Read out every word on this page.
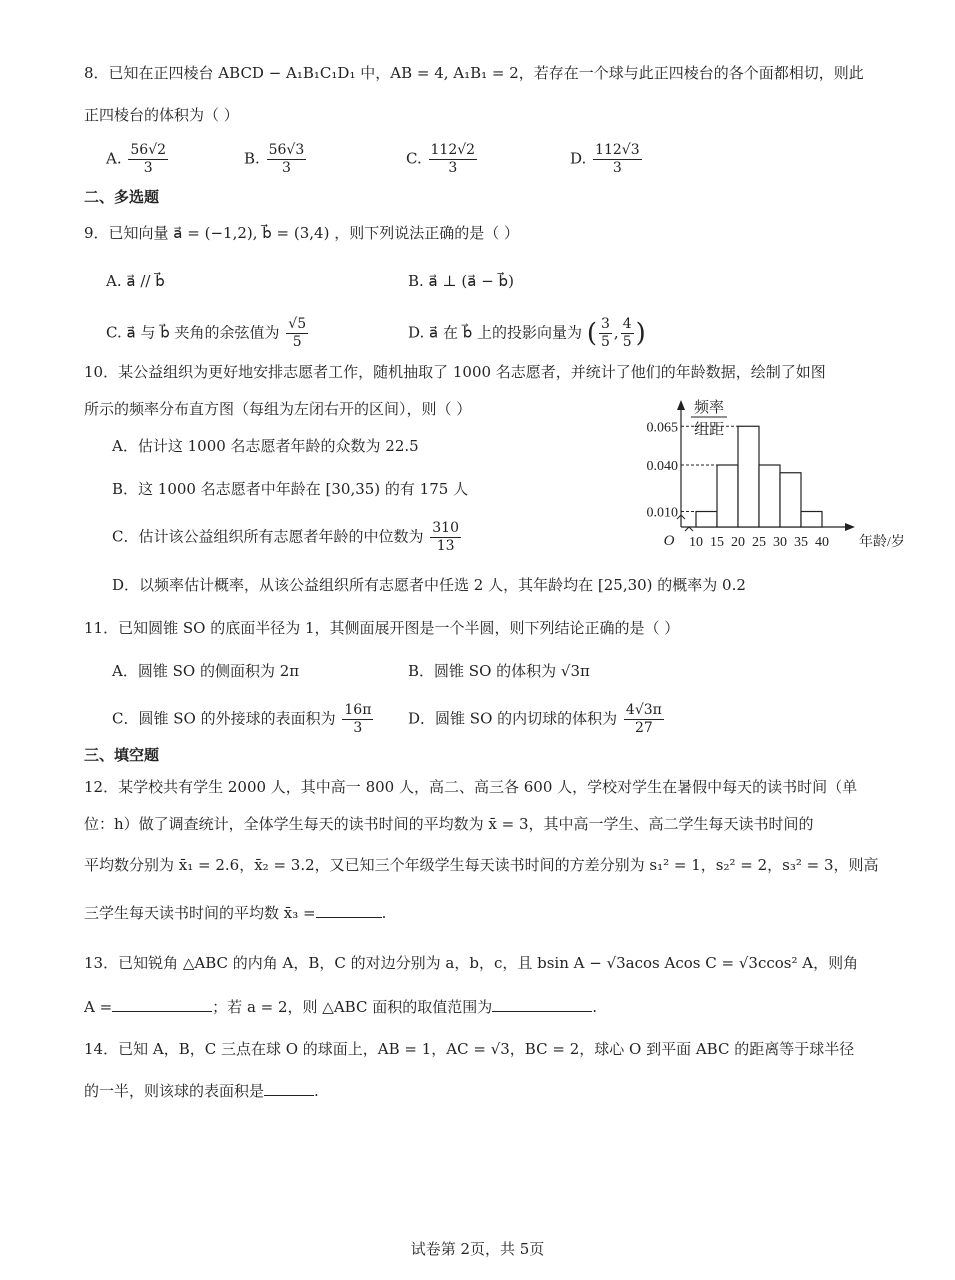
8．已知在正四棱台 ABCD − A₁B₁C₁D₁ 中，AB = 4, A₁B₁ = 2，若存在一个球与此正四棱台的各个面都相切，则此
正四棱台的体积为（ ）
A. $\frac{56√2}{3}$	B. $\frac{56√3}{3}$	C. $\frac{112√2}{3}$	D. $\frac{112√3}{3}$
二、多选题
9．已知向量 a⃗ = (−1,2), b⃗ = (3,4) ，则下列说法正确的是（ ）
A. a⃗ // b⃗	B. a⃗ ⊥ (a⃗ − b⃗)
C. a⃗ 与 b⃗ 夹角的余弦值为 $\frac{√5}{5}$	D. a⃗ 在 b⃗ 上的投影向量为 ( $\frac{3}{5}$ , $\frac{4}{5}$ )
10．某公益组织为更好地安排志愿者工作，随机抽取了 1000 名志愿者，并统计了他们的年龄数据，绘制了如图
所示的频率分布直方图（每组为左闭右开的区间），则（ ）
A．估计这 1000 名志愿者年龄的众数为 22.5
B．这 1000 名志愿者中年龄在 [30,35) 的有 175 人
C．估计该公益组织所有志愿者年龄的中位数为 $\frac{310}{13}$
D．以频率估计概率，从该公益组织所有志愿者中任选 2 人，其年龄均在 [25,30) 的概率为 0.2
0.065
0.040
0.010
10 15 20 25 30 35 40
O	年龄/岁
频率
组距
11．已知圆锥 SO 的底面半径为 1，其侧面展开图是一个半圆，则下列结论正确的是（ ）
A．圆锥 SO 的侧面积为 2π	B．圆锥 SO 的体积为 √3π
C．圆锥 SO 的外接球的表面积为 $\frac{16\pi}{3}$ D．圆锥 SO 的内切球的体积为 $\frac{4√3\pi}{27}$
三、填空题
12．某学校共有学生 2000 人，其中高一 800 人，高二、高三各 600 人，学校对学生在暑假中每天的读书时间（单
位：h）做了调查统计，全体学生每天的读书时间的平均数为 x̄ = 3，其中高一学生、高二学生每天读书时间的
平均数分别为 x̄₁ = 2.6，x̄₂ = 3.2，又已知三个年级学生每天读书时间的方差分别为 s₁² = 1，s₂² = 2，s₃² = 3，则高
三学生每天读书时间的平均数 x̄₃ =	.
13．已知锐角 △ABC 的内角 A，B，C 的对边分别为 a，b，c，且 bsin A − √3acos Acos C = √3ccos² A，则角
A =	；若 a = 2，则 △ABC 面积的取值范围为	.
14．已知 A，B，C 三点在球 O 的球面上，AB = 1，AC = √3，BC = 2，球心 O 到平面 ABC 的距离等于球半径
的一半，则该球的表面积是	.
试卷第 2页，共 5页
